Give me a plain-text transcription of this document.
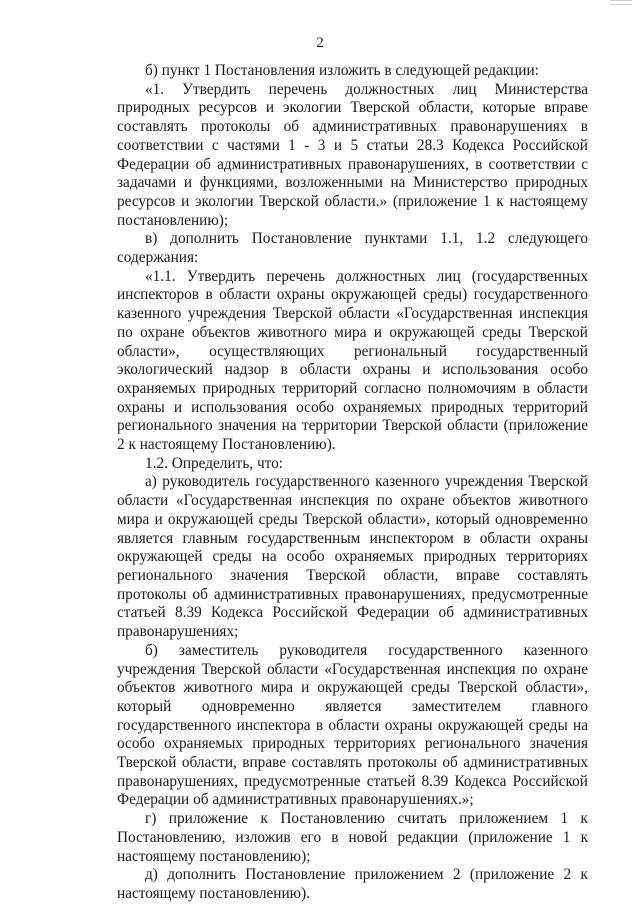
2

б) пункт 1 Постановления изложить в следующей редакции:

«1. Утвердить перечень должностных лиц Министерства природных ресурсов и экологии Тверской области, которые вправе составлять протоколы об административных правонарушениях в соответствии с частями 1 - 3 и 5 статьи 28.3 Кодекса Российской Федерации об административных правонарушениях, в соответствии с задачами и функциями, возложенными на Министерство природных ресурсов и экологии Тверской области.» (приложение 1 к настоящему постановлению);

в) дополнить Постановление пунктами 1.1, 1.2 следующего содержания:

«1.1. Утвердить перечень должностных лиц (государственных инспекторов в области охраны окружающей среды) государственного казенного учреждения Тверской области «Государственная инспекция по охране объектов животного мира и окружающей среды Тверской области», осуществляющих региональный государственный экологический надзор в области охраны и использования особо охраняемых природных территорий согласно полномочиям в области охраны и использования особо охраняемых природных территорий регионального значения на территории Тверской области (приложение 2 к настоящему Постановлению).

1.2. Определить, что:

а) руководитель государственного казенного учреждения Тверской области «Государственная инспекция по охране объектов животного мира и окружающей среды Тверской области», который одновременно является главным государственным инспектором в области охраны окружающей среды на особо охраняемых природных территориях регионального значения Тверской области, вправе составлять протоколы об административных правонарушениях, предусмотренные статьей 8.39 Кодекса Российской Федерации об административных правонарушениях;

б) заместитель руководителя государственного казенного учреждения Тверской области «Государственная инспекция по охране объектов животного мира и окружающей среды Тверской области», который одновременно является заместителем главного государственного инспектора в области охраны окружающей среды на особо охраняемых природных территориях регионального значения Тверской области, вправе составлять протоколы об административных правонарушениях, предусмотренные статьей 8.39 Кодекса Российской Федерации об административных правонарушениях.»;

г) приложение к Постановлению считать приложением 1 к Постановлению, изложив его в новой редакции (приложение 1 к настоящему постановлению);

д) дополнить Постановление приложением 2 (приложение 2 к настоящему постановлению).
